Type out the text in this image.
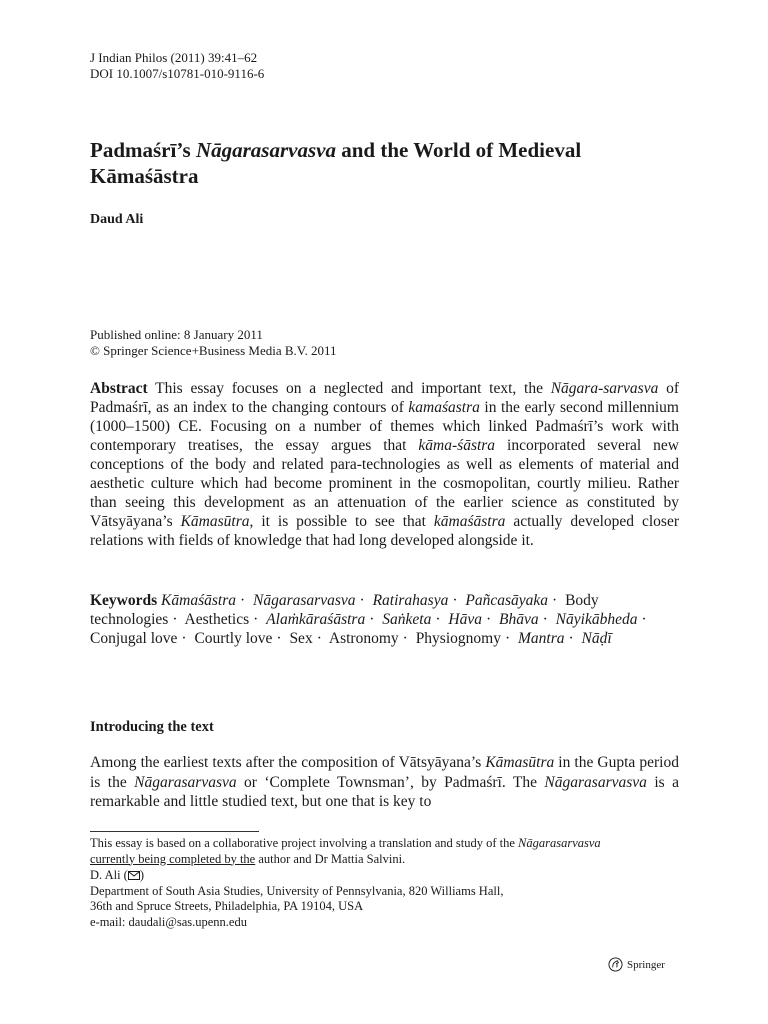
J Indian Philos (2011) 39:41–62
DOI 10.1007/s10781-010-9116-6
Padmaśrī’s Nāgarasarvasva and the World of Medieval Kāmaśāstra
Daud Ali
Published online: 8 January 2011
© Springer Science+Business Media B.V. 2011
Abstract This essay focuses on a neglected and important text, the Nāgara-sarvasva of Padmaśrī, as an index to the changing contours of kamaśastra in the early second millennium (1000–1500) CE. Focusing on a number of themes which linked Padmaśrī’s work with contemporary treatises, the essay argues that kāma-śāstra incorporated several new conceptions of the body and related para-technologies as well as elements of material and aesthetic culture which had become prominent in the cosmopolitan, courtly milieu. Rather than seeing this development as an attenuation of the earlier science as constituted by Vātsyāyana’s Kāmasūtra, it is possible to see that kāmaśāstra actually developed closer relations with fields of knowledge that had long developed alongside it.
Keywords Kāmaśāstra · Nāgarasarvasva · Ratirahasya · Pañcasāyaka · Body technologies · Aesthetics · Alaṁkāraśāstra · Saṅketa · Hāva · Bhāva · Nāyikābheda · Conjugal love · Courtly love · Sex · Astronomy · Physiognomy · Mantra · Nāḍī
Introducing the text
Among the earliest texts after the composition of Vātsyāyana’s Kāmasūtra in the Gupta period is the Nāgarasarvasva or ‘Complete Townsman’, by Padmaśrī. The Nāgarasarvasva is a remarkable and little studied text, but one that is key to
This essay is based on a collaborative project involving a translation and study of the Nāgarasarvasva
currently being completed by the author and Dr Mattia Salvini.
D. Ali ( )
Department of South Asia Studies, University of Pennsylvania, 820 Williams Hall,
36th and Spruce Streets, Philadelphia, PA 19104, USA
e-mail: daudali@sas.upenn.edu
Springer
